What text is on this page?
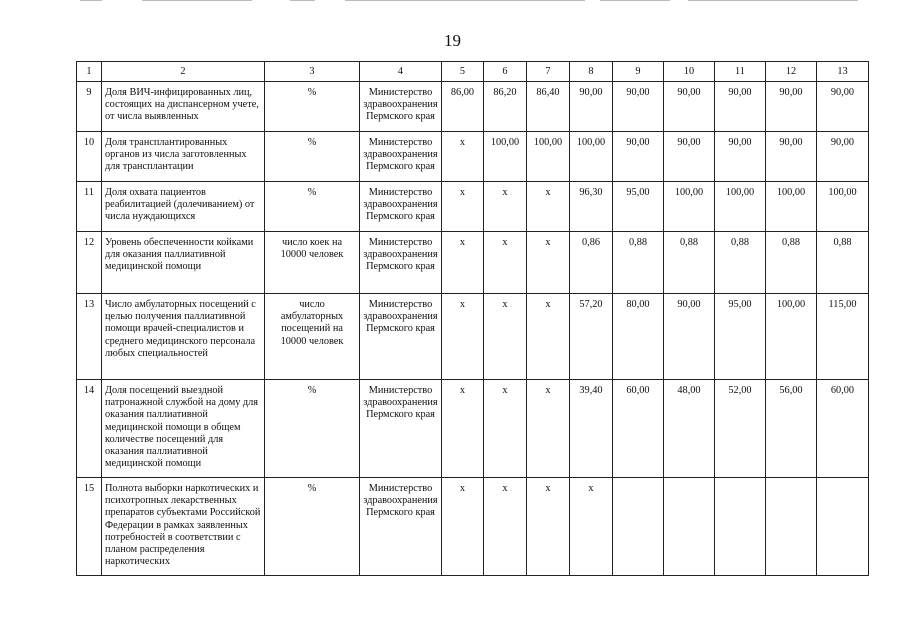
19
1	2	3	4	5	6	7	8	9	10	11	12	13
9	Доля ВИЧ-инфицированных лиц, состоящих на диспансерном учете, от числа выявленных	%	Министерство здравоохранения Пермского края	86,00	86,20	86,40	90,00	90,00	90,00	90,00	90,00	90,00
10	Доля трансплантированных органов из числа заготовленных для трансплантации	%	Министерство здравоохранения Пермского края	x	100,00	100,00	100,00	90,00	90,00	90,00	90,00	90,00
11	Доля охвата пациентов реабилитацией (долечиванием) от числа нуждающихся	%	Министерство здравоохранения Пермского края	x	x	x	96,30	95,00	100,00	100,00	100,00	100,00
12	Уровень обеспеченности койками для оказания паллиативной медицинской помощи	число коек на 10000 человек	Министерство здравоохранения Пермского края	x	x	x	0,86	0,88	0,88	0,88	0,88	0,88
13	Число амбулаторных посещений с целью получения паллиативной помощи врачей-специалистов и среднего медицинского персонала любых специальностей	число амбулаторных посещений на 10000 человек	Министерство здравоохранения Пермского края	x	x	x	57,20	80,00	90,00	95,00	100,00	115,00
14	Доля посещений выездной патронажной службой на дому для оказания паллиативной медицинской помощи в общем количестве посещений для оказания паллиативной медицинской помощи	%	Министерство здравоохранения Пермского края	x	x	x	39,40	60,00	48,00	52,00	56,00	60,00
15	Полнота выборки наркотических и психотропных лекарственных препаратов субъектами Российской Федерации в рамках заявленных потребностей в соответствии с планом распределения наркотических	%	Министерство здравоохранения Пермского края	x	x	x	x					
